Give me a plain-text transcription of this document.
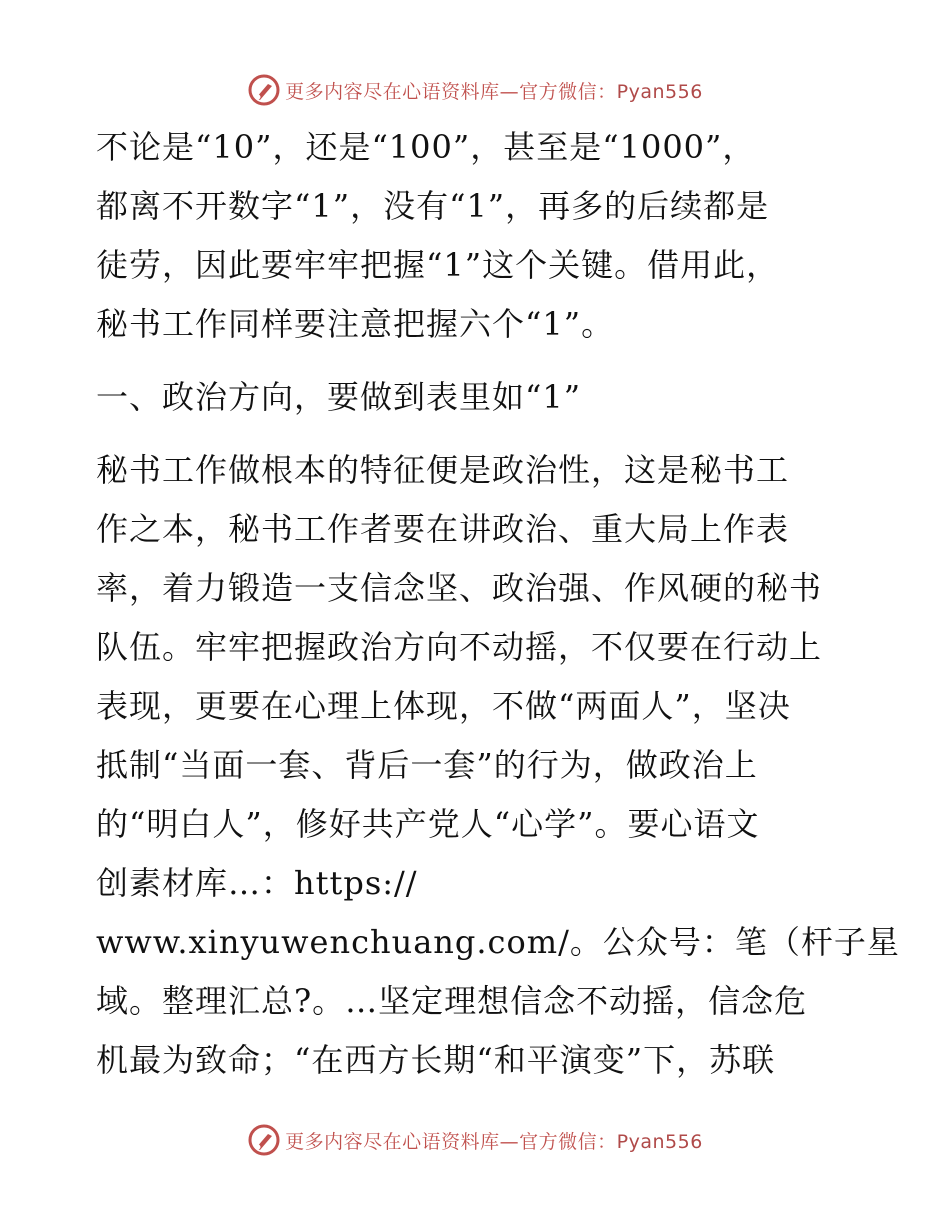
更多内容尽在心语资料库—官方微信：Pyan556
不论是“10”，还是“100”，甚至是“1000”，
都离不开数字“1”，没有“1”，再多的后续都是
徒劳，因此要牢牢把握“1”这个关键。借用此，
秘书工作同样要注意把握六个“1”。
一、政治方向，要做到表里如“1”
秘书工作做根本的特征便是政治性，这是秘书工
作之本，秘书工作者要在讲政治、重大局上作表
率，着力锻造一支信念坚、政治强、作风硬的秘书
队伍。牢牢把握政治方向不动摇，不仅要在行动上
表现，更要在心理上体现，不做“两面人”，坚决
抵制“当面一套、背后一套”的行为，做政治上
的“明白人”，修好共产党人“心学”。要心语文
创素材库…：https://
www.xinyuwenchuang.com/。公众号：笔（杆子星
域。整理汇总?。…坚定理想信念不动摇，信念危
机最为致命；“在西方长期“和平演变”下，苏联
更多内容尽在心语资料库—官方微信：Pyan556
